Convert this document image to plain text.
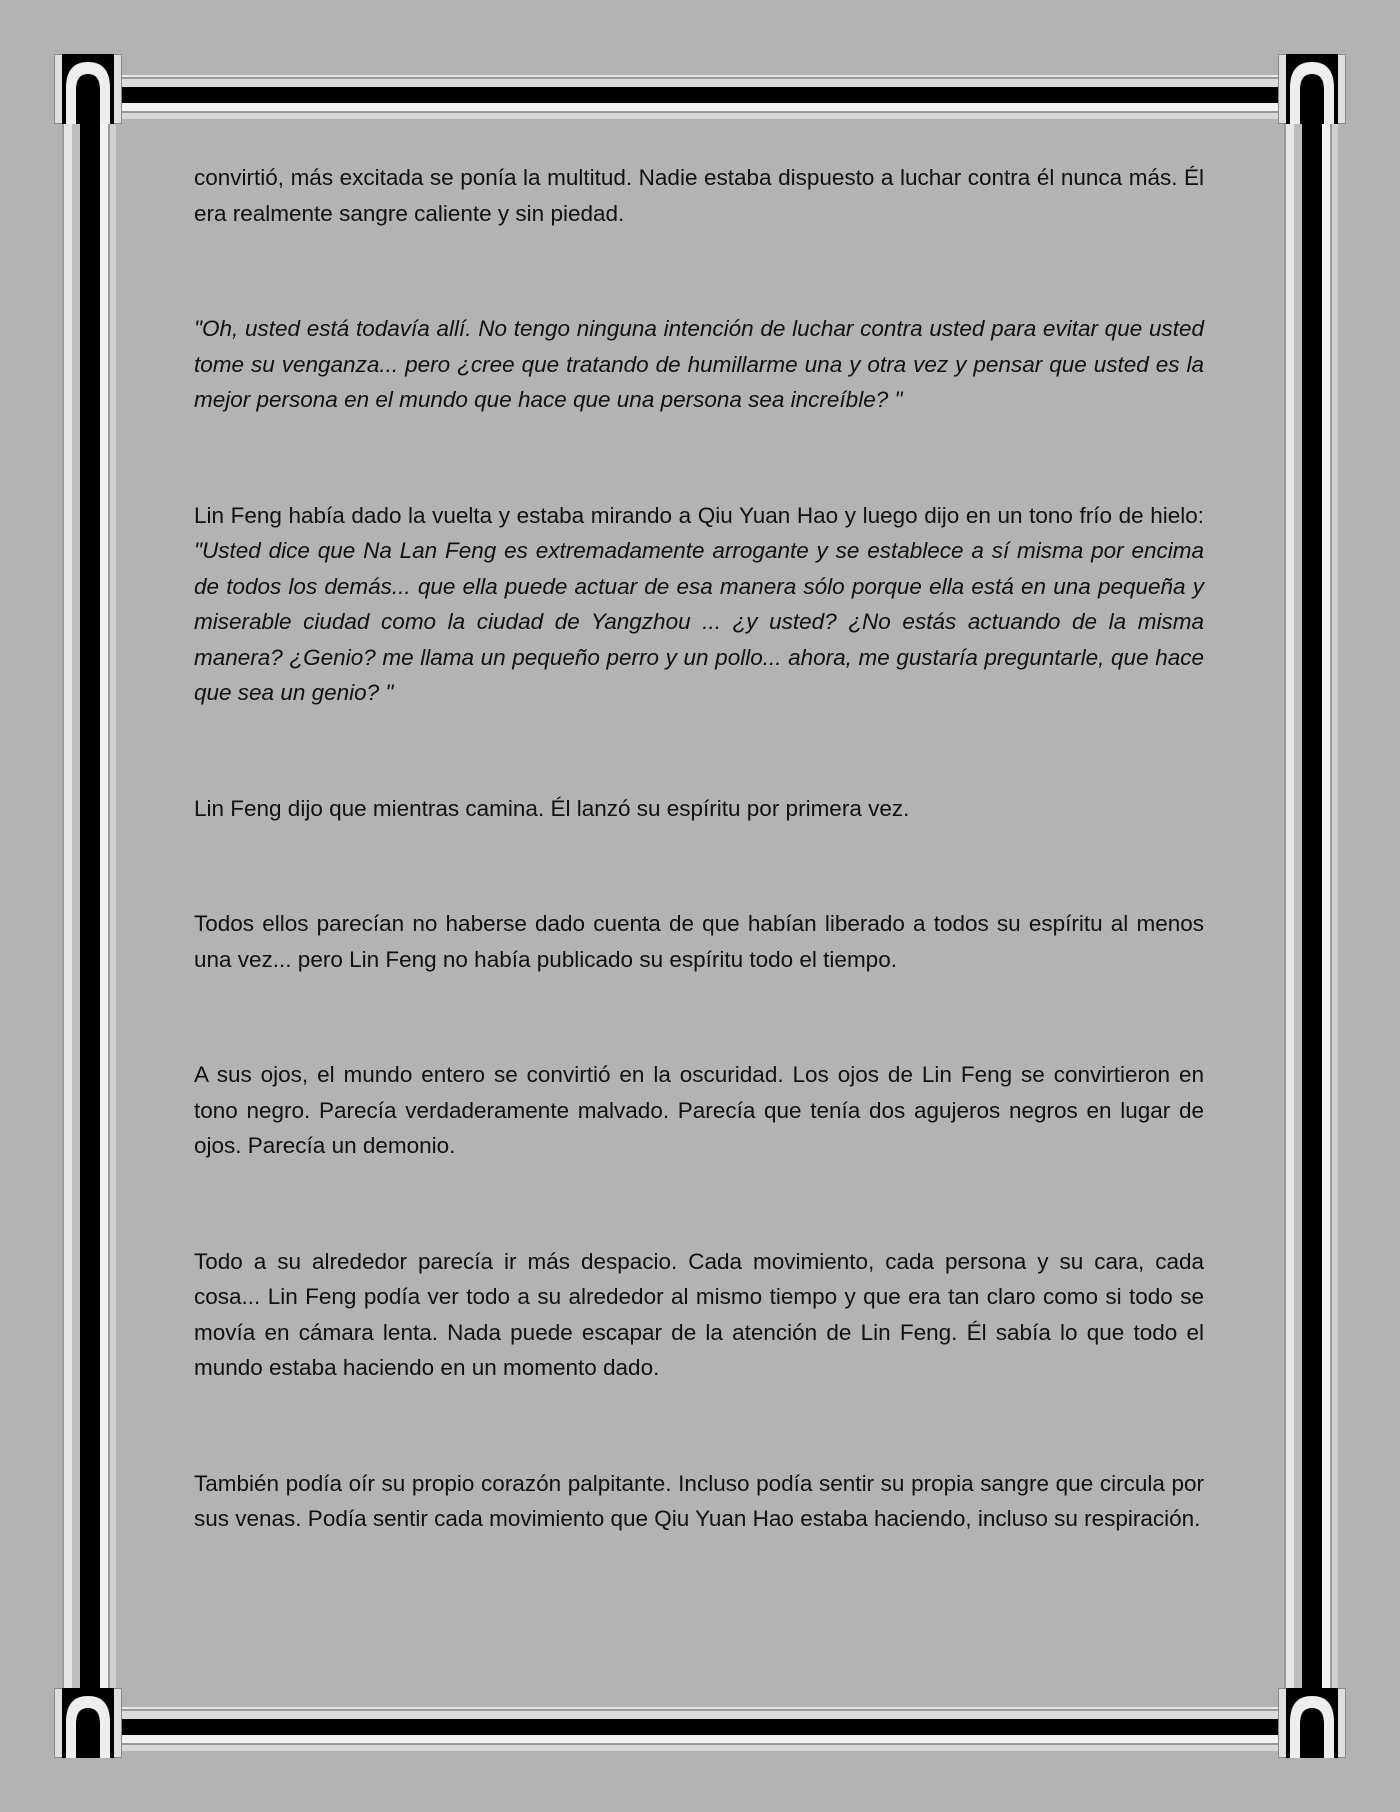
convirtió, más excitada se ponía la multitud. Nadie estaba dispuesto a luchar contra él nunca más. Él era realmente sangre caliente y sin piedad.

"Oh, usted está todavía allí. No tengo ninguna intención de luchar contra usted para evitar que usted tome su venganza... pero ¿cree que tratando de humillarme una y otra vez y pensar que usted es la mejor persona en el mundo que hace que una persona sea increíble? "

Lin Feng había dado la vuelta y estaba mirando a Qiu Yuan Hao y luego dijo en un tono frío de hielo: "Usted dice que Na Lan Feng es extremadamente arrogante y se establece a sí misma por encima de todos los demás... que ella puede actuar de esa manera sólo porque ella está en una pequeña y miserable ciudad como la ciudad de Yangzhou ... ¿y usted? ¿No estás actuando de la misma manera? ¿Genio? me llama un pequeño perro y un pollo... ahora, me gustaría preguntarle, que hace que sea un genio? "

Lin Feng dijo que mientras camina. Él lanzó su espíritu por primera vez.

Todos ellos parecían no haberse dado cuenta de que habían liberado a todos su espíritu al menos una vez... pero Lin Feng no había publicado su espíritu todo el tiempo.

A sus ojos, el mundo entero se convirtió en la oscuridad. Los ojos de Lin Feng se convirtieron en tono negro. Parecía verdaderamente malvado. Parecía que tenía dos agujeros negros en lugar de ojos. Parecía un demonio.

Todo a su alrededor parecía ir más despacio. Cada movimiento, cada persona y su cara, cada cosa... Lin Feng podía ver todo a su alrededor al mismo tiempo y que era tan claro como si todo se movía en cámara lenta. Nada puede escapar de la atención de Lin Feng. Él sabía lo que todo el mundo estaba haciendo en un momento dado.

También podía oír su propio corazón palpitante. Incluso podía sentir su propia sangre que circula por sus venas. Podía sentir cada movimiento que Qiu Yuan Hao estaba haciendo, incluso su respiración.
